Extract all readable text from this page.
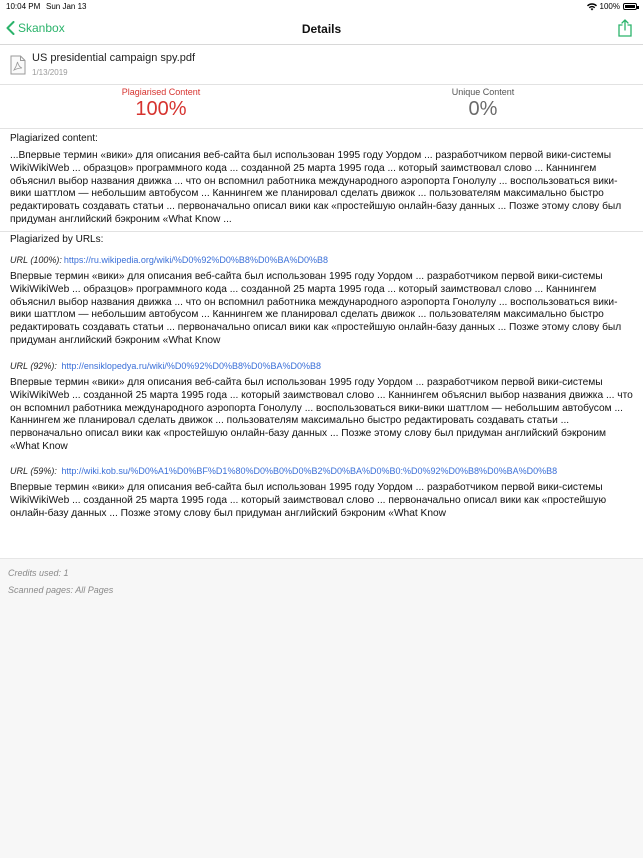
10:04 PM Sun Jan 13	100%
Skanbox	Details
US presidential campaign spy.pdf
1/13/2019
Plagiarised Content
100%
Unique Content
0%
Plagiarized content:
...Впервые термин «вики» для описания веб-сайта был использован 1995 году Уордом ... разработчиком первой вики-системы WikiWikiWeb ... образцов» программного кода ... созданной 25 марта 1995 года ... который заимствовал слово ... Каннингем объяснил выбор названия движка ... что он вспомнил работника международного аэропорта Гонолулу ... воспользоваться вики-вики шаттлом — небольшим автобусом ... Каннингем же планировал сделать движок ... пользователям максимально быстро редактировать создавать статьи ... первоначально описал вики как «простейшую онлайн-базу данных ... Позже этому слову был придуман английский бэкроним «What Know ...
Plagiarized by URLs:
URL (100%): https://ru.wikipedia.org/wiki/%D0%92%D0%B8%D0%BA%D0%B8
Впервые термин «вики» для описания веб-сайта был использован 1995 году Уордом ... разработчиком первой вики-системы WikiWikiWeb ... образцов» программного кода ... созданной 25 марта 1995 года ... который заимствовал слово ... Каннингем объяснил выбор названия движка ... что он вспомнил работника международного аэропорта Гонолулу ... воспользоваться вики-вики шаттлом — небольшим автобусом ... Каннингем же планировал сделать движок ... пользователям максимально быстро редактировать создавать статьи ... первоначально описал вики как «простейшую онлайн-базу данных ... Позже этому слову был придуман английский бэкроним «What Know
URL (92%): http://ensiklopedya.ru/wiki/%D0%92%D0%B8%D0%BA%D0%B8
Впервые термин «вики» для описания веб-сайта был использован 1995 году Уордом ... разработчиком первой вики-системы WikiWikiWeb ... созданной 25 марта 1995 года ... который заимствовал слово ... Каннингем объяснил выбор названия движка ... что он вспомнил работника международного аэропорта Гонолулу ... воспользоваться вики-вики шаттлом — небольшим автобусом ... Каннингем же планировал сделать движок ... пользователям максимально быстро редактировать создавать статьи ... первоначально описал вики как «простейшую онлайн-базу данных ... Позже этому слову был придуман английский бэкроним «What Know
URL (59%): http://wiki.kob.su/%D0%A1%D0%BF%D1%80%D0%B0%D0%B2%D0%BA%D0%B0:%D0%92%D0%B8%D0%BA%D0%B8
Впервые термин «вики» для описания веб-сайта был использован 1995 году Уордом ... разработчиком первой вики-системы WikiWikiWeb ... созданной 25 марта 1995 года ... который заимствовал слово ... первоначально описал вики как «простейшую онлайн-базу данных ... Позже этому слову был придуман английский бэкроним «What Know
Credits used: 1
Scanned pages: All Pages
